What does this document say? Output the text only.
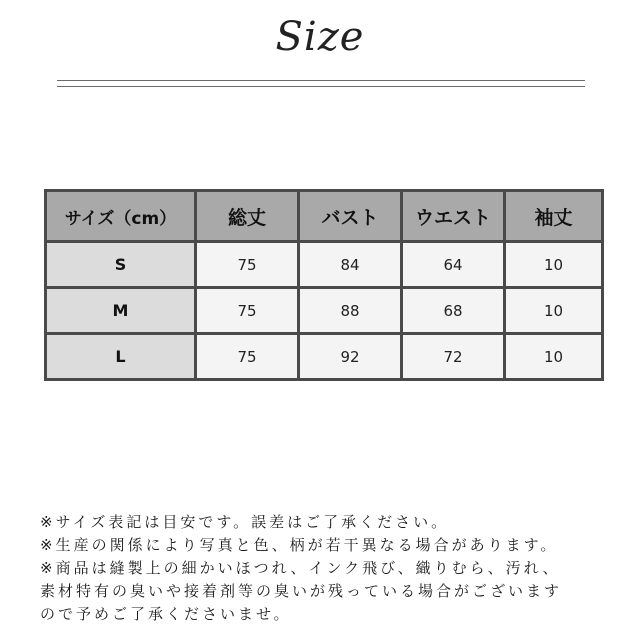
Size
サイズ（cm）	総丈	バスト	ウエスト	袖丈
S	75	84	64	10
M	75	88	68	10
L	75	92	72	10
※サイズ表記は目安です。誤差はご了承ください。
※生産の関係により写真と色、柄が若干異なる場合があります。
※商品は縫製上の細かいほつれ、インク飛び、織りむら、汚れ、
素材特有の臭いや接着剤等の臭いが残っている場合がございます
ので予めご了承くださいませ。
